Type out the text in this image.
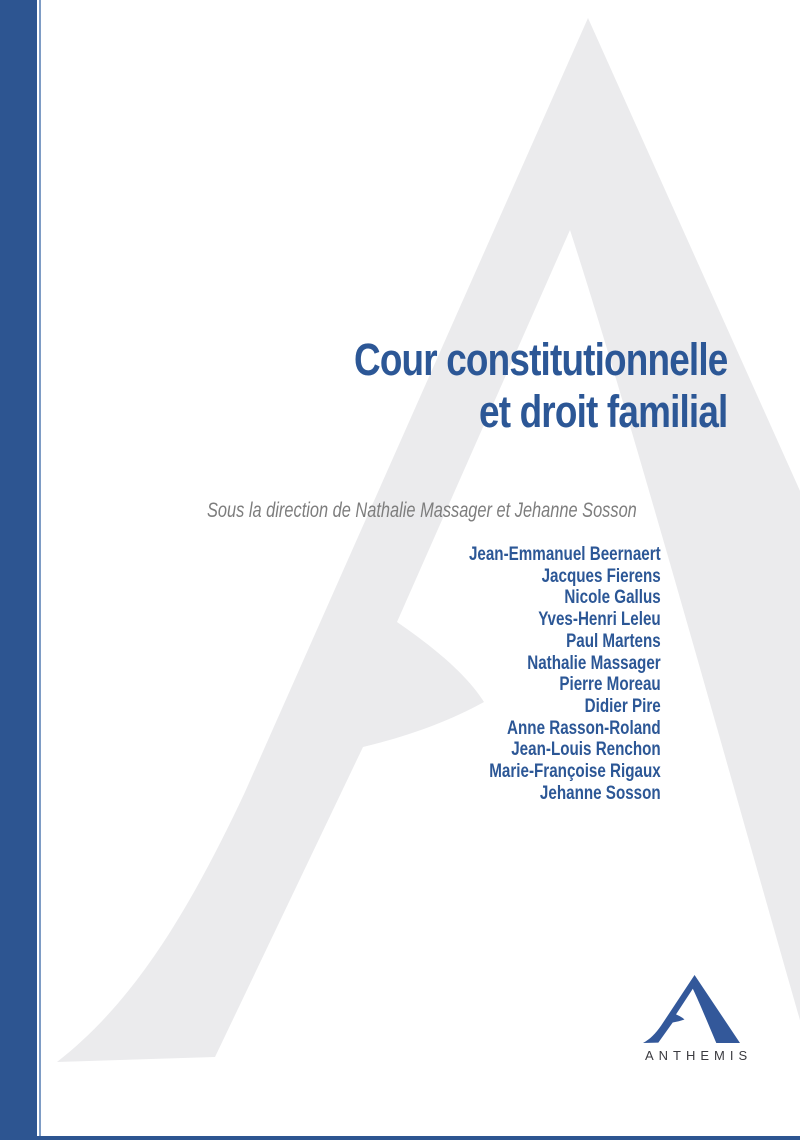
Cour constitutionnelle
et droit familial
Sous la direction de Nathalie Massager et Jehanne Sosson
Jean-Emmanuel Beernaert
Jacques Fierens
Nicole Gallus
Yves-Henri Leleu
Paul Martens
Nathalie Massager
Pierre Moreau
Didier Pire
Anne Rasson-Roland
Jean-Louis Renchon
Marie-Françoise Rigaux
Jehanne Sosson
ANTHEMIS
